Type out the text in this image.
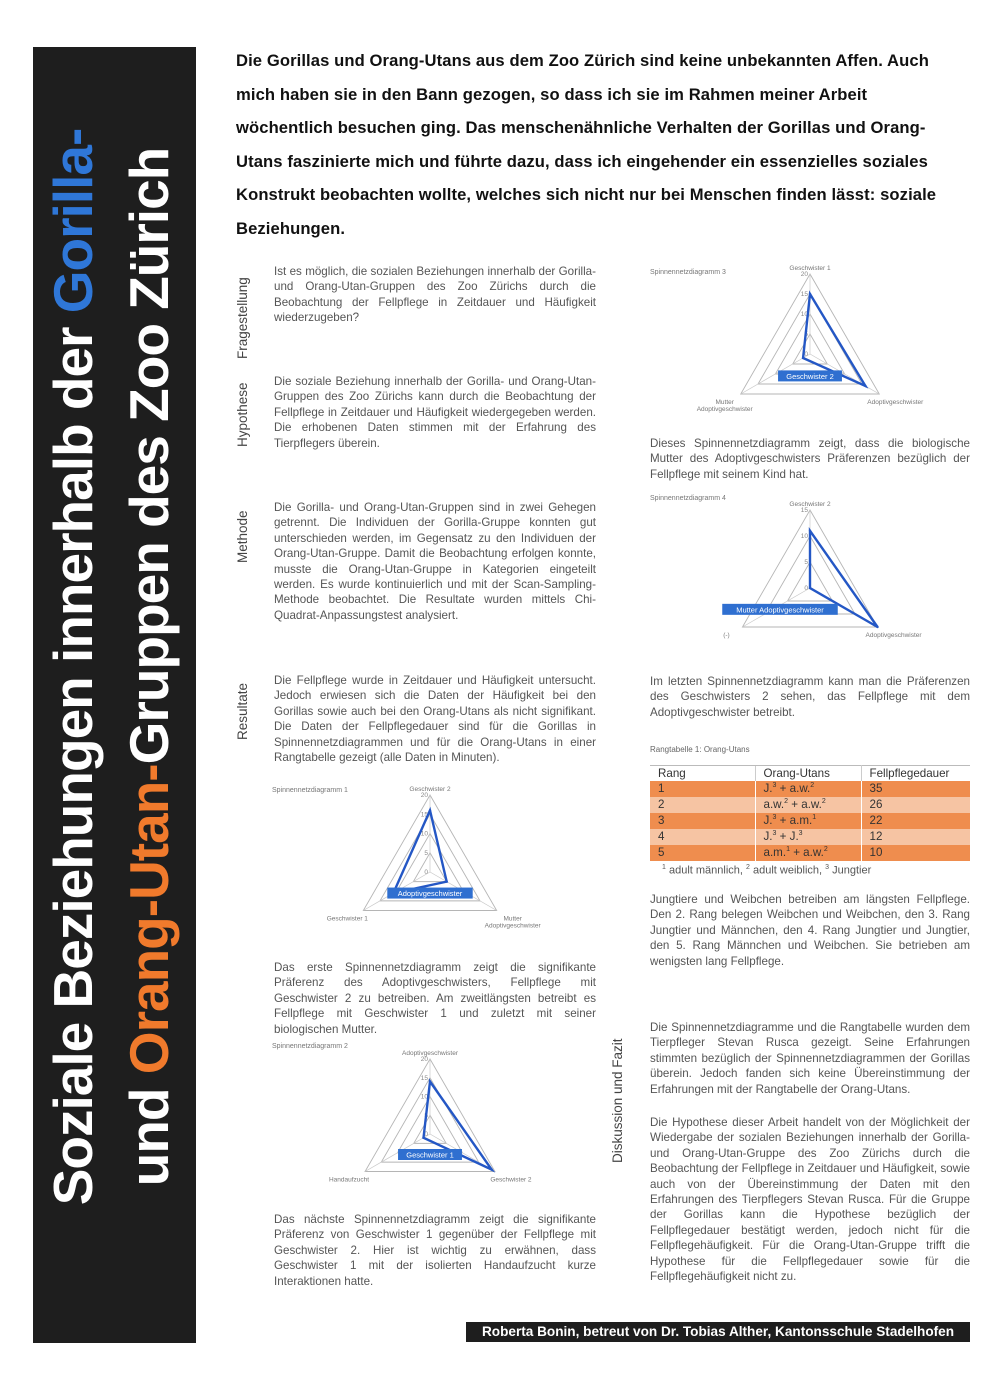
Soziale Beziehungen innerhalb der Gorilla-
und Orang-Utan-Gruppen des Zoo Zürich
Die Gorillas und Orang-Utans aus dem Zoo Zürich sind keine unbekannten Affen. Auch mich haben sie in den Bann gezogen, so dass ich sie im Rahmen meiner Arbeit wöchentlich besuchen ging. Das menschenähnliche Verhalten der Gorillas und Orang-Utans faszinierte mich und führte dazu, dass ich eingehender ein essenzielles soziales Konstrukt beobachten wollte, welches sich nicht nur bei Menschen finden lässt: soziale Beziehungen.
Fragestellung
Hypothese
Methode
Resultate
Diskussion und Fazit
Ist es möglich, die sozialen Beziehungen innerhalb der Gorilla- und Orang-Utan-Gruppen des Zoo Zürichs durch die Beobachtung der Fellpflege in Zeitdauer und Häufigkeit wiederzugeben?
Die soziale Beziehung innerhalb der Gorilla- und Orang-Utan-Gruppen des Zoo Zürichs kann durch die Beobachtung der Fellpflege in Zeitdauer und Häufigkeit wiedergegeben werden. Die erhobenen Daten stimmen mit der Erfahrung des Tierpflegers überein.
Die Gorilla- und Orang-Utan-Gruppen sind in zwei Gehegen getrennt. Die Individuen der Gorilla-Gruppe konnten gut unterschieden werden, im Gegensatz zu den Individuen der Orang-Utan-Gruppe. Damit die Beobachtung erfolgen konnte, musste die Orang-Utan-Gruppe in Kategorien eingeteilt werden. Es wurde kontinuierlich und mit der Scan-Sampling-Methode beobachtet. Die Resultate wurden mittels Chi-Quadrat-Anpassungstest analysiert.
Die Fellpflege wurde in Zeitdauer und Häufigkeit untersucht. Jedoch erwiesen sich die Daten der Häufigkeit bei den Gorillas sowie auch bei den Orang-Utans als nicht signifikant. Die Daten der Fellpflegedauer sind für die Gorillas in Spinnennetzdiagrammen und für die Orang-Utans in einer Rangtabelle gezeigt (alle Daten in Minuten).
Spinnennetzdiagramm 1
0
5
10
15
20
Geschwister 2
Mutter
Adoptivgeschwister
Geschwister 1
Adoptivgeschwister
Das erste Spinnennetzdiagramm zeigt die signifikante Präferenz des Adoptivgeschwisters, Fellpflege mit Geschwister 2 zu betreiben. Am zweitlängsten betreibt es Fellpflege mit Geschwister 1 und zuletzt mit seiner biologischen Mutter.
Spinnennetzdiagramm 2
0
5
10
15
20
Adoptivgeschwister
Geschwister 2
Handaufzucht
Geschwister 1
Das nächste Spinnennetzdiagramm zeigt die signifikante Präferenz von Geschwister 1 gegenüber der Fellpflege mit Geschwister 2. Hier ist wichtig zu erwähnen, dass Geschwister 1 mit der isolierten Handaufzucht kurze Interaktionen hatte.
Spinnennetzdiagramm 3
0
5
10
15
20
Geschwister 1
Adoptivgeschwister
Mutter
Adoptivgeschwister
Geschwister 2
Dieses Spinnennetzdiagramm zeigt, dass die biologische Mutter des Adoptivgeschwisters Präferenzen bezüglich der Fellpflege mit seinem Kind hat.
Spinnennetzdiagramm 4
0
5
10
15
Geschwister 2
Adoptivgeschwister
(-)
Mutter Adoptivgeschwister
Im letzten Spinnennetzdiagramm kann man die Präferenzen des Geschwisters 2 sehen, das Fellpflege mit dem Adoptivgeschwister betreibt.
Rangtabelle 1: Orang-Utans
Rang	Orang-Utans	Fellpflegedauer
1	J.$^3$ + a.w.$^2$	35
2	a.w.$^2$ + a.w.$^2$	26
3	J.$^3$ + a.m.$^1$	22
4	J.$^3$ + J.$^3$	12
5	a.m.$^1$ + a.w.$^2$	10
$^1$ adult männlich, $^2$ adult weiblich, $^3$ Jungtier
Jungtiere und Weibchen betreiben am längsten Fellpflege. Den 2. Rang belegen Weibchen und Weibchen, den 3. Rang Jungtier und Männchen, den 4. Rang Jungtier und Jungtier, den 5. Rang Männchen und Weibchen. Sie betrieben am wenigsten lang Fellpflege.
Die Spinnennetzdiagramme und die Rangtabelle wurden dem Tierpfleger Stevan Rusca gezeigt. Seine Erfahrungen stimmten bezüglich der Spinnennetzdiagrammen der Gorillas überein. Jedoch fanden sich keine Übereinstimmung der Erfahrungen mit der Rangtabelle der Orang-Utans.
Die Hypothese dieser Arbeit handelt von der Möglichkeit der Wiedergabe der sozialen Beziehungen innerhalb der Gorilla-und Orang-Utan-Gruppe des Zoo Zürichs durch die Beobachtung der Fellpflege in Zeitdauer und Häufigkeit, sowie auch von der Übereinstimmung der Daten mit den Erfahrungen des Tierpflegers Stevan Rusca. Für die Gruppe der Gorillas kann die Hypothese bezüglich der Fellpflegedauer bestätigt werden, jedoch nicht für die Fellpflegehäufigkeit. Für die Orang-Utan-Gruppe trifft die Hypothese für die Fellpflegedauer sowie für die Fellpflegehäufigkeit nicht zu.
Roberta Bonin, betreut von Dr. Tobias Alther, Kantonsschule Stadelhofen
